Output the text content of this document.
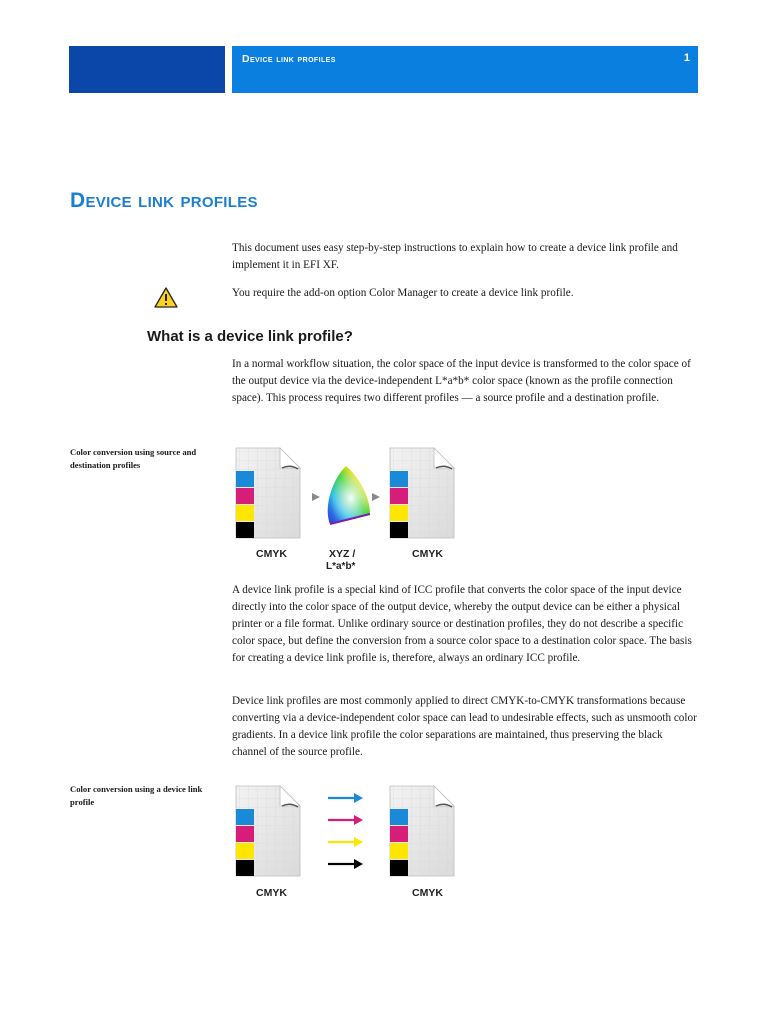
Device link profiles	1
Device link profiles

This document uses easy step-by-step instructions to explain how to create a device link profile and implement it in EFI XF.

You require the add-on option Color Manager to create a device link profile.

What is a device link profile?

In a normal workflow situation, the color space of the input device is transformed to the color space of the output device via the device-independent L*a*b* color space (known as the profile connection space). This process requires two different profiles — a source profile and a destination profile.

Color conversion using source and destination profiles

CMYK	XYZ /
L*a*b*
CMYK

A device link profile is a special kind of ICC profile that converts the color space of the input device directly into the color space of the output device, whereby the output device can be either a physical printer or a file format. Unlike ordinary source or destination profiles, they do not describe a specific color space, but define the conversion from a source color space to a destination color space. The basis for creating a device link profile is, therefore, always an ordinary ICC profile.

Device link profiles are most commonly applied to direct CMYK-to-CMYK transformations because converting via a device-independent color space can lead to undesirable effects, such as unsmooth color gradients. In a device link profile the color separations are maintained, thus preserving the black channel of the source profile.

Color conversion using a device link profile

CMYK	CMYK
